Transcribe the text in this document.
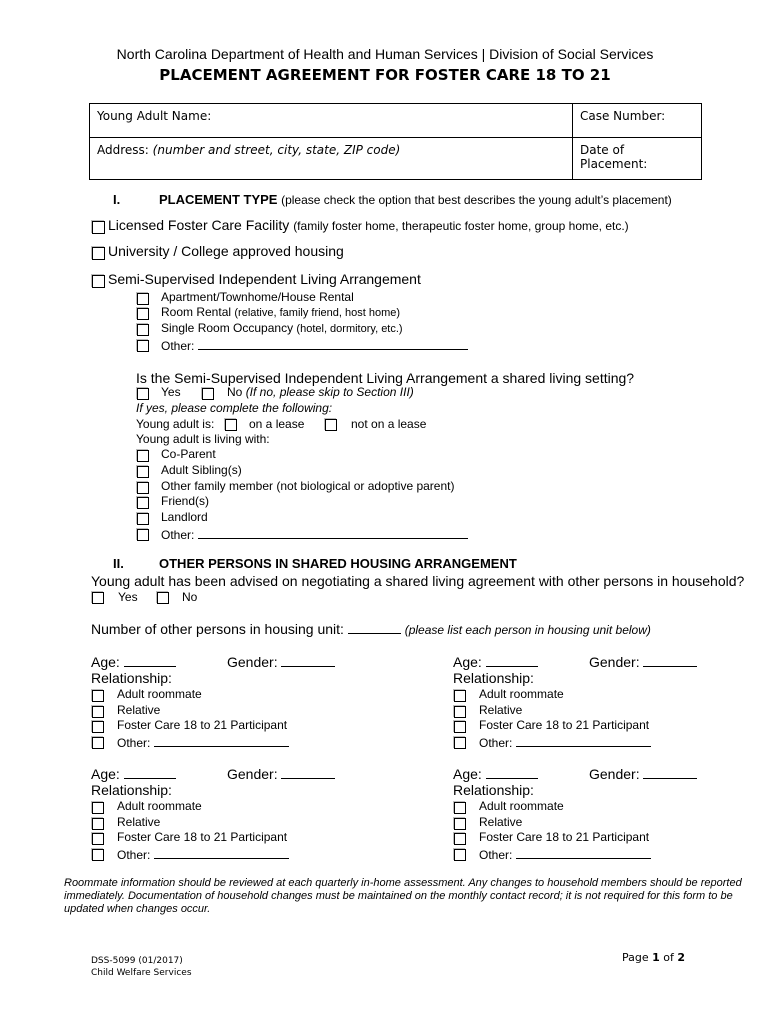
North Carolina Department of Health and Human Services | Division of Social Services
PLACEMENT AGREEMENT FOR FOSTER CARE 18 TO 21
Young Adult Name:	Case Number:
Address: (number and street, city, state, ZIP code)	Date of Placement:
I.	PLACEMENT TYPE (please check the option that best describes the young adult’s placement)
Licensed Foster Care Facility (family foster home, therapeutic foster home, group home, etc.)
University / College approved housing
Semi-Supervised Independent Living Arrangement
Apartment/Townhome/House Rental
Room Rental (relative, family friend, host home)
Single Room Occupancy (hotel, dormitory, etc.)
Other:
Is the Semi-Supervised Independent Living Arrangement a shared living setting?
Yes	No (If no, please skip to Section III)
If yes, please complete the following:
Young adult is:	on a lease	not on a lease
Young adult is living with:
Co-Parent
Adult Sibling(s)
Other family member (not biological or adoptive parent)
Friend(s)
Landlord
Other:
II.	OTHER PERSONS IN SHARED HOUSING ARRANGEMENT
Young adult has been advised on negotiating a shared living agreement with other persons in household?
Yes	No
Number of other persons in housing unit:	(please list each person in housing unit below)
Age:	Gender:
Relationship:
Adult roommate
Relative
Foster Care 18 to 21 Participant
Other:
Age:	Gender:
Relationship:
Adult roommate
Relative
Foster Care 18 to 21 Participant
Other:
Age:	Gender:
Relationship:
Adult roommate
Relative
Foster Care 18 to 21 Participant
Other:
Age:	Gender:
Relationship:
Adult roommate
Relative
Foster Care 18 to 21 Participant
Other:
Roommate information should be reviewed at each quarterly in-home assessment. Any changes to household members should be reported immediately. Documentation of household changes must be maintained on the monthly contact record; it is not required for this form to be updated when changes occur.
DSS-5099 (01/2017)
Child Welfare Services
Page 1 of 2
